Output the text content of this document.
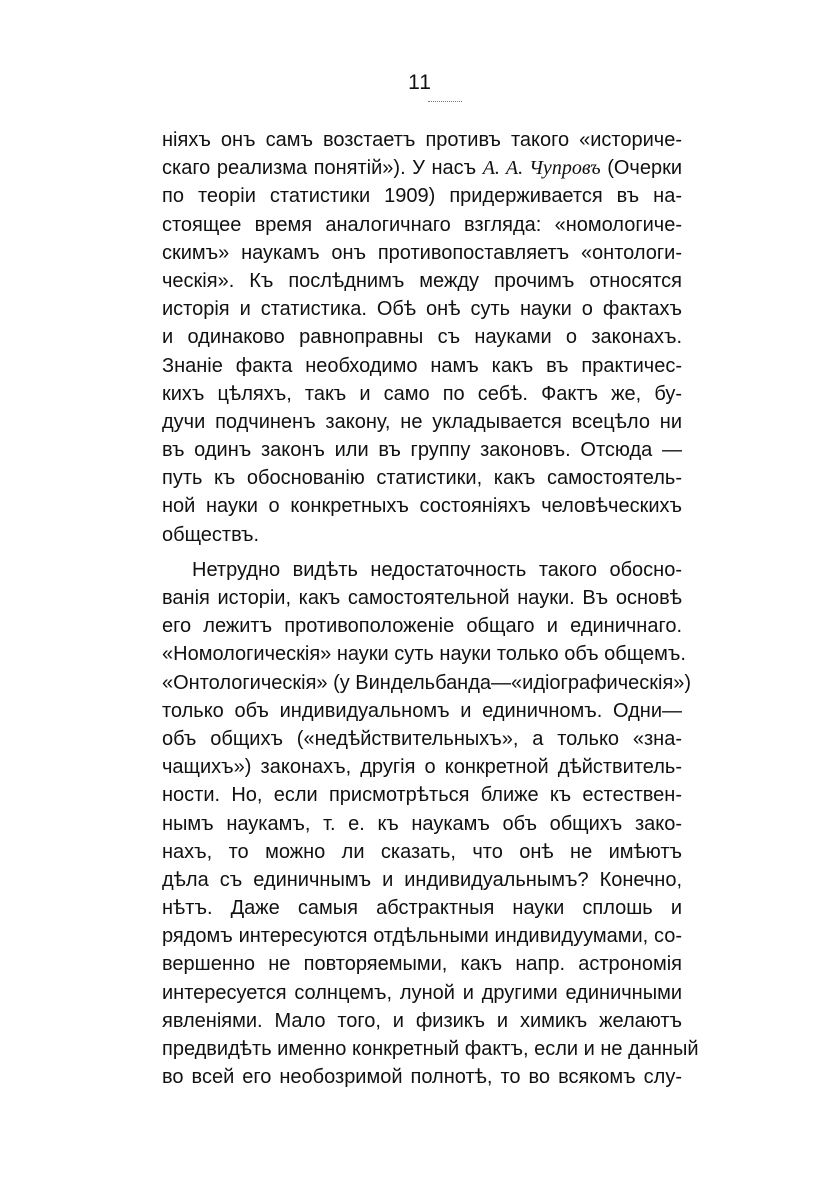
11
ніяхъ онъ самъ возстаетъ противъ такого «историче-
скаго реализма понятій»). У насъ А. А. Чупровъ (Очерки
по теоріи статистики 1909) придерживается въ на-
стоящее время аналогичнаго взгляда: «номологиче-
скимъ» наукамъ онъ противопоставляетъ «онтологи-
ческія». Къ послѣднимъ между прочимъ относятся
исторія и статистика. Обѣ онѣ суть науки о фактахъ
и одинаково равноправны съ науками о законахъ.
Знаніе факта необходимо намъ какъ въ практичес-
кихъ цѣляхъ, такъ и само по себѣ. Фактъ же, бу-
дучи подчиненъ закону, не укладывается всецѣло ни
въ одинъ законъ или въ группу законовъ. Отсюда —
путь къ обоснованію статистики, какъ самостоятель-
ной науки о конкретныхъ состояніяхъ человѣческихъ
обществъ.
Нетрудно видѣть недостаточность такого обосно-
ванія исторіи, какъ самостоятельной науки. Въ основѣ
его лежитъ противоположеніе общаго и единичнаго.
«Номологическія» науки суть науки только объ общемъ.
«Онтологическія» (у Виндельбанда—«идіографическія»)
только объ индивидуальномъ и единичномъ. Одни—
объ общихъ («недѣйствительныхъ», а только «зна-
чащихъ») законахъ, другія о конкретной дѣйствитель-
ности. Но, если присмотрѣться ближе къ естествен-
нымъ наукамъ, т. е. къ наукамъ объ общихъ зако-
нахъ, то можно ли сказать, что онѣ не имѣютъ
дѣла съ единичнымъ и индивидуальнымъ? Конечно,
нѣтъ. Даже самыя абстрактныя науки сплошь и
рядомъ интересуются отдѣльными индивидуумами, со-
вершенно не повторяемыми, какъ напр. астрономія
интересуется солнцемъ, луной и другими единичными
явленіями. Мало того, и физикъ и химикъ желаютъ
предвидѣть именно конкретный фактъ, если и не данный
во всей его необозримой полнотѣ, то во всякомъ слу-
